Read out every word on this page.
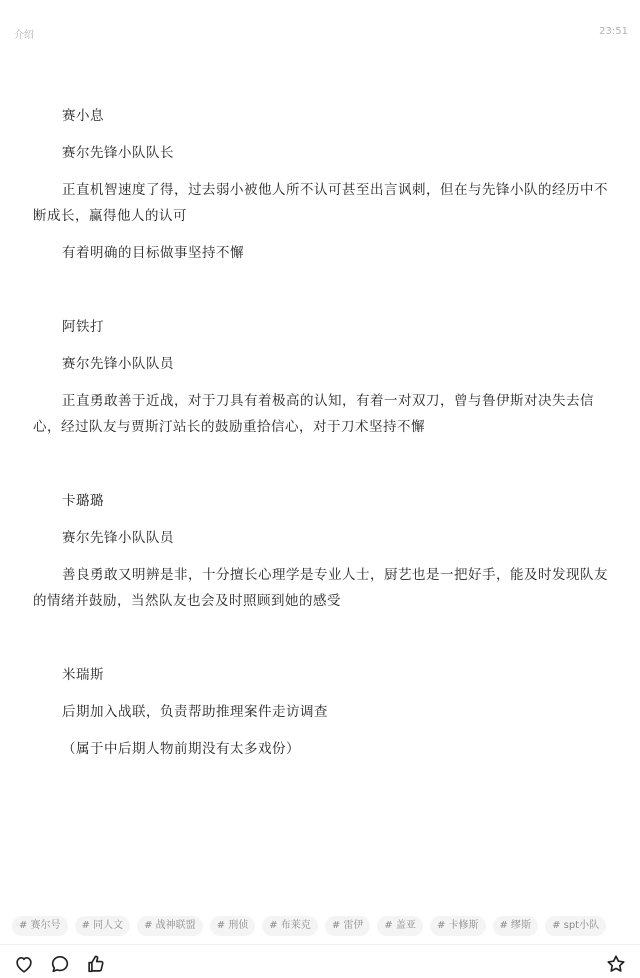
介绍	23:51

赛小息

赛尔先锋小队队长

正直机智速度了得，过去弱小被他人所不认可甚至出言讽刺，但在与先锋小队的经历中不断成长，赢得他人的认可

有着明确的目标做事坚持不懈

阿铁打

赛尔先锋小队队员

正直勇敢善于近战，对于刀具有着极高的认知，有着一对双刀，曾与鲁伊斯对决失去信心，经过队友与贾斯汀站长的鼓励重拾信心，对于刀术坚持不懈

卡璐璐

赛尔先锋小队队员

善良勇敢又明辨是非，十分擅长心理学是专业人士，厨艺也是一把好手，能及时发现队友的情绪并鼓励，当然队友也会及时照顾到她的感受

米瑞斯

后期加入战联，负责帮助推理案件走访调查

（属于中后期人物前期没有太多戏份）

# 赛尔号	# 同人文	# 战神联盟	# 刑侦	# 布莱克	# 雷伊	# 盖亚	# 卡修斯	# 缪斯	# spt小队
